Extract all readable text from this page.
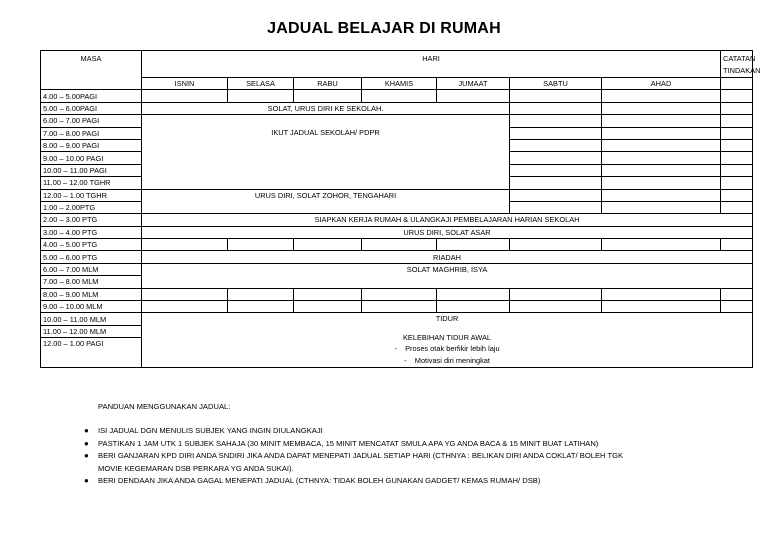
JADUAL BELAJAR DI RUMAH
MASA	HARI							CATATAN TINDAKAN
	ISNIN	SELASA	RABU	KHAMIS	JUMAAT	SABTU	AHAD	
4.00 – 5.00PAGI								
5.00 – 6.00PAGI	SOLAT, URUS DIRI KE SEKOLAH.							
6.00 – 7.00 PAGI	IKUT JADUAL SEKOLAH/ PDPR							
7.00 – 8.00 PAGI								
8.00 – 9.00 PAGI								
9.00 – 10.00 PAGI								
10.00 – 11.00 PAGI								
11.00 – 12.00 TGHR								
12.00 – 1.00 TGHR	URUS DIRI, SOLAT ZOHOR, TENGAHARI							
1.00 – 2.00PTG								
2.00 – 3.00 PTG	SIAPKAN KERJA RUMAH & ULANGKAJI PEMBELAJARAN HARIAN SEKOLAH							
3.00 – 4.00 PTG	URUS DIRI, SOLAT ASAR							
4.00 – 5.00 PTG								
5.00 – 6.00 PTG	RIADAH							
6.00 – 7.00 MLM	SOLAT MAGHRIB, ISYA							
7.00 – 8.00 MLM								
8.00 – 9.00 MLM								
9.00 – 10.00 MLM								
10.00 – 11.00 MLM	TIDUR
KELEBIHAN TIDUR AWAL
- Proses otak berfikir lebih laju
- Motivasi diri meningkat							

11.00 – 12.00 MLM								
12.00 – 1.00 PAGI								
PANDUAN MENGGUNAKAN JADUAL:
● ISI JADUAL DGN MENULIS SUBJEK YANG INGIN DIULANGKAJI
● PASTIKAN 1 JAM UTK 1 SUBJEK SAHAJA (30 MINIT MEMBACA, 15 MINIT MENCATAT SMULA APA YG ANDA BACA & 15 MINIT BUAT LATIHAN)
● BERI GANJARAN KPD DIRI ANDA SNDIRI JIKA ANDA DAPAT MENEPATI JADUAL SETIAP HARI (CTHNYA : BELIKAN DIRI ANDA COKLAT/ BOLEH TGK
MOVIE KEGEMARAN DSB PERKARA YG ANDA SUKAI).
● BERI DENDAAN JIKA ANDA GAGAL MENEPATI JADUAL (CTHNYA: TIDAK BOLEH GUNAKAN GADGET/ KEMAS RUMAH/ DSB)
